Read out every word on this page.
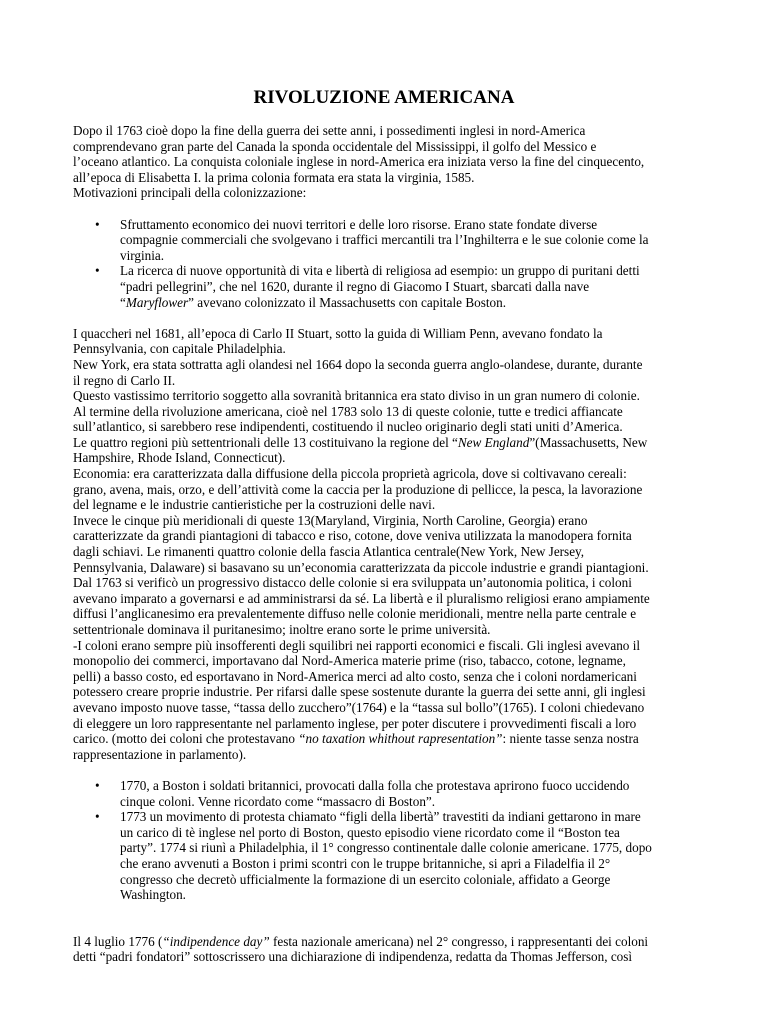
RIVOLUZIONE AMERICANA

Dopo il 1763 cioè dopo la fine della guerra dei sette anni, i possedimenti inglesi in nord-America

comprendevano gran parte del Canada la sponda occidentale del Mississippi, il golfo del Messico e

l’oceano atlantico. La conquista coloniale inglese in nord-America era iniziata verso la fine del cinquecento,

all’epoca di Elisabetta I. la prima colonia formata era stata la virginia, 1585.

Motivazioni principali della colonizzazione:

• Sfruttamento economico dei nuovi territori e delle loro risorse. Erano state fondate diverse

compagnie commerciali che svolgevano i traffici mercantili tra l’Inghilterra e le sue colonie come la

virginia.

• La ricerca di nuove opportunità di vita e libertà di religiosa ad esempio: un gruppo di puritani detti

“padri pellegrini”, che nel 1620, durante il regno di Giacomo I Stuart, sbarcati dalla nave

“Maryflower” avevano colonizzato il Massachusetts con capitale Boston.

I quaccheri nel 1681, all’epoca di Carlo II Stuart, sotto la guida di William Penn, avevano fondato la

Pennsylvania, con capitale Philadelphia.

New York, era stata sottratta agli olandesi nel 1664 dopo la seconda guerra anglo-olandese, durante, durante

il regno di Carlo II.

Questo vastissimo territorio soggetto alla sovranità britannica era stato diviso in un gran numero di colonie.

Al termine della rivoluzione americana, cioè nel 1783 solo 13 di queste colonie, tutte e tredici affiancate

sull’atlantico, si sarebbero rese indipendenti, costituendo il nucleo originario degli stati uniti d’America.

Le quattro regioni più settentrionali delle 13 costituivano la regione del “New England”(Massachusetts, New

Hampshire, Rhode Island, Connecticut).

Economia: era caratterizzata dalla diffusione della piccola proprietà agricola, dove si coltivavano cereali:

grano, avena, mais, orzo, e dell’attività come la caccia per la produzione di pellicce, la pesca, la lavorazione

del legname e le industrie cantieristiche per la costruzioni delle navi.

Invece le cinque più meridionali di queste 13(Maryland, Virginia, North Caroline, Georgia) erano

caratterizzate da grandi piantagioni di tabacco e riso, cotone, dove veniva utilizzata la manodopera fornita

dagli schiavi. Le rimanenti quattro colonie della fascia Atlantica centrale(New York, New Jersey,

Pennsylvania, Dalaware) si basavano su un’economia caratterizzata da piccole industrie e grandi piantagioni.

Dal 1763 si verificò un progressivo distacco delle colonie si era sviluppata un’autonomia politica, i coloni

avevano imparato a governarsi e ad amministrarsi da sé. La libertà e il pluralismo religiosi erano ampiamente

diffusi l’anglicanesimo era prevalentemente diffuso nelle colonie meridionali, mentre nella parte centrale e

settentrionale dominava il puritanesimo; inoltre erano sorte le prime università.

-I coloni erano sempre più insofferenti degli squilibri nei rapporti economici e fiscali. Gli inglesi avevano il

monopolio dei commerci, importavano dal Nord-America materie prime (riso, tabacco, cotone, legname,

pelli) a basso costo, ed esportavano in Nord-America merci ad alto costo, senza che i coloni nordamericani

potessero creare proprie industrie. Per rifarsi dalle spese sostenute durante la guerra dei sette anni, gli inglesi

avevano imposto nuove tasse, “tassa dello zucchero”(1764) e la “tassa sul bollo”(1765). I coloni chiedevano

di eleggere un loro rappresentante nel parlamento inglese, per poter discutere i provvedimenti fiscali a loro

carico. (motto dei coloni che protestavano “no taxation whithout rapresentation”: niente tasse senza nostra

rappresentazione in parlamento).

• 1770, a Boston i soldati britannici, provocati dalla folla che protestava aprirono fuoco uccidendo

cinque coloni. Venne ricordato come “massacro di Boston”.

• 1773 un movimento di protesta chiamato “figli della libertà” travestiti da indiani gettarono in mare

un carico di tè inglese nel porto di Boston, questo episodio viene ricordato come il “Boston tea

party”. 1774 si riunì a Philadelphia, il 1° congresso continentale dalle colonie americane. 1775, dopo

che erano avvenuti a Boston i primi scontri con le truppe britanniche, si apri a Filadelfia il 2°

congresso che decretò ufficialmente la formazione di un esercito coloniale, affidato a George

Washington.

Il 4 luglio 1776 (“indipendence day” festa nazionale americana) nel 2° congresso, i rappresentanti dei coloni

detti “padri fondatori” sottoscrissero una dichiarazione di indipendenza, redatta da Thomas Jefferson, così
